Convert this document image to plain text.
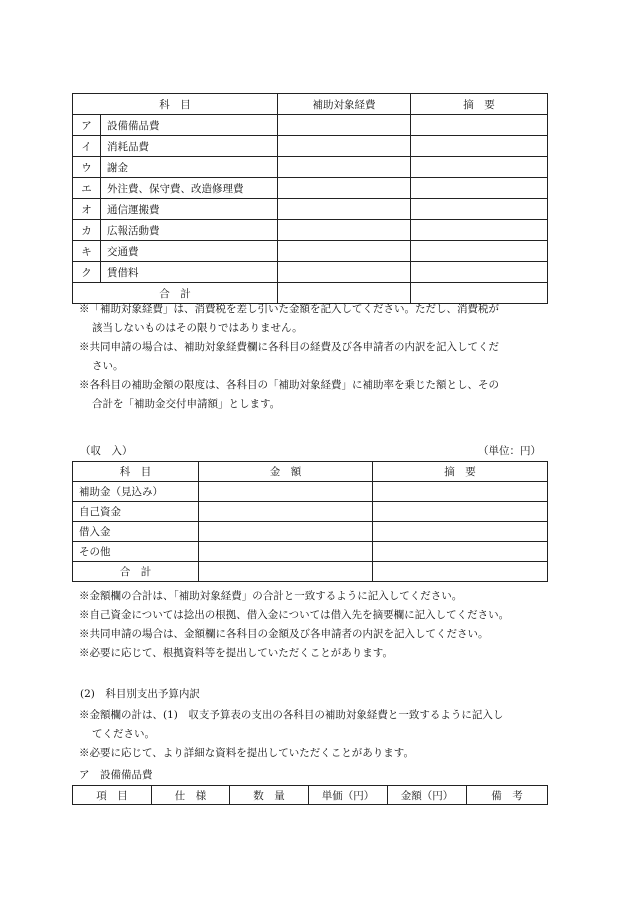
科　目		補助対象経費	摘　要
ア	設備備品費		
イ	消耗品費		
ウ	謝金		
エ	外注費、保守費、改造修理費		
オ	通信運搬費		
カ	広報活動費		
キ	交通費		
ク	賃借料		
合　計			
※「補助対象経費」は、消費税を差し引いた金額を記入してください。ただし、消費税が
該当しないものはその限りではありません。
※共同申請の場合は、補助対象経費欄に各科目の経費及び各申請者の内訳を記入してくだ
さい。
※各科目の補助金額の限度は、各科目の「補助対象経費」に補助率を乗じた額とし、その
合計を「補助金交付申請額」とします。
（収　入）	（単位：円）
科　目	金　額	摘　要
補助金（見込み）		
自己資金		
借入金		
その他		
合　計		
※金額欄の合計は、「補助対象経費」の合計と一致するように記入してください。
※自己資金については捻出の根拠、借入金については借入先を摘要欄に記入してください。
※共同申請の場合は、金額欄に各科目の金額及び各申請者の内訳を記入してください。
※必要に応じて、根拠資料等を提出していただくことがあります。
(2)　科目別支出予算内訳
※金額欄の計は、(1)　収支予算表の支出の各科目の補助対象経費と一致するように記入し
てください。
※必要に応じて、より詳細な資料を提出していただくことがあります。
ア　設備備品費
項　目	仕　様	数　量	単価（円）	金額（円）	備　考
